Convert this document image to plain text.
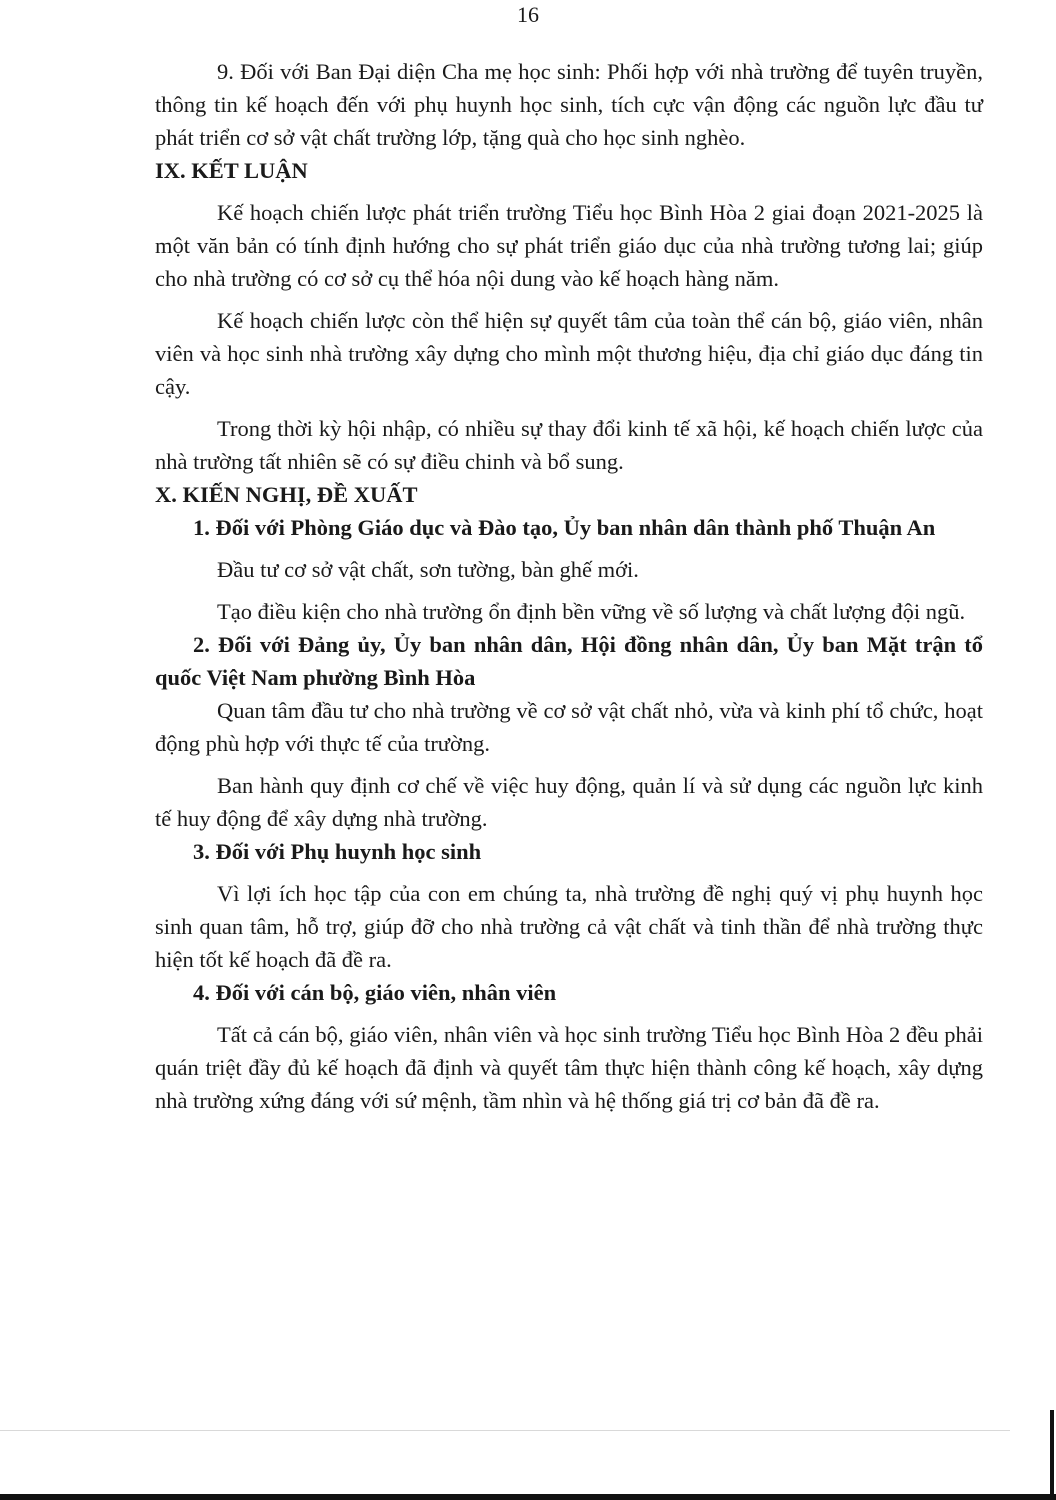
16

9. Đối với Ban Đại diện Cha mẹ học sinh: Phối hợp với nhà trường để tuyên truyền, thông tin kế hoạch đến với phụ huynh học sinh, tích cực vận động các nguồn lực đầu tư phát triển cơ sở vật chất trường lớp, tặng quà cho học sinh nghèo.

IX. KẾT LUẬN

Kế hoạch chiến lược phát triển trường Tiểu học Bình Hòa 2 giai đoạn 2021-2025 là một văn bản có tính định hướng cho sự phát triển giáo dục của nhà trường tương lai; giúp cho nhà trường có cơ sở cụ thể hóa nội dung vào kế hoạch hàng năm.

Kế hoạch chiến lược còn thể hiện sự quyết tâm của toàn thể cán bộ, giáo viên, nhân viên và học sinh nhà trường xây dựng cho mình một thương hiệu, địa chỉ giáo dục đáng tin cậy.

Trong thời kỳ hội nhập, có nhiều sự thay đổi kinh tế xã hội, kế hoạch chiến lược của nhà trường tất nhiên sẽ có sự điều chinh và bổ sung.

X. KIẾN NGHỊ, ĐỀ XUẤT

1. Đối với Phòng Giáo dục và Đào tạo, Ủy ban nhân dân thành phố Thuận An

Đầu tư cơ sở vật chất, sơn tường, bàn ghế mới.

Tạo điều kiện cho nhà trường ổn định bền vững về số lượng và chất lượng đội ngũ.

2. Đối với Đảng ủy, Ủy ban nhân dân, Hội đồng nhân dân, Ủy ban Mặt trận tổ quốc Việt Nam phường Bình Hòa

Quan tâm đầu tư cho nhà trường về cơ sở vật chất nhỏ, vừa và kinh phí tổ chức, hoạt động phù hợp với thực tế của trường.

Ban hành quy định cơ chế về việc huy động, quản lí và sử dụng các nguồn lực kinh tế huy động để xây dựng nhà trường.

3. Đối với Phụ huynh học sinh

Vì lợi ích học tập của con em chúng ta, nhà trường đề nghị quý vị phụ huynh học sinh quan tâm, hỗ trợ, giúp đỡ cho nhà trường cả vật chất và tinh thần để nhà trường thực hiện tốt kế hoạch đã đề ra.

4. Đối với cán bộ, giáo viên, nhân viên

Tất cả cán bộ, giáo viên, nhân viên và học sinh trường Tiểu học Bình Hòa 2 đều phải quán triệt đầy đủ kế hoạch đã định và quyết tâm thực hiện thành công kế hoạch, xây dựng nhà trường xứng đáng với sứ mệnh, tầm nhìn và hệ thống giá trị cơ bản đã đề ra.
